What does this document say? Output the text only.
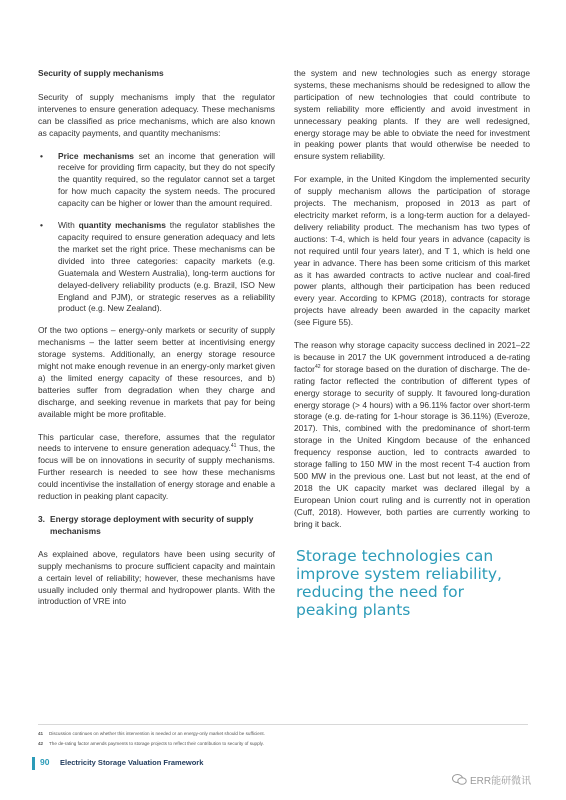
Security of supply mechanisms

Security of supply mechanisms imply that the regulator intervenes to ensure generation adequacy. These mechanisms can be classified as price mechanisms, which are also known as capacity payments, and quantity mechanisms:

• Price mechanisms set an income that generation will receive for providing firm capacity, but they do not specify the quantity required, so the regulator cannot set a target for how much capacity the system needs. The procured capacity can be higher or lower than the amount required.
• With quantity mechanisms the regulator stablishes the capacity required to ensure generation adequacy and lets the market set the right price. These mechanisms can be divided into three categories: capacity markets (e.g. Guatemala and Western Australia), long-term auctions for delayed-delivery reliability products (e.g. Brazil, ISO New England and PJM), or strategic reserves as a reliability product (e.g. New Zealand).

Of the two options – energy-only markets or security of supply mechanisms – the latter seem better at incentivising energy storage systems. Additionally, an energy storage resource might not make enough revenue in an energy-only market given a) the limited energy capacity of these resources, and b) batteries suffer from degradation when they charge and discharge, and seeking revenue in markets that pay for being available might be more profitable.

This particular case, therefore, assumes that the regulator needs to intervene to ensure generation adequacy.$^{41}$ Thus, the focus will be on innovations in security of supply mechanisms. Further research is needed to see how these mechanisms could incentivise the installation of energy storage and enable a reduction in peaking plant capacity.

3. Energy storage deployment with security of supply mechanisms

As explained above, regulators have been using security of supply mechanisms to procure sufficient capacity and maintain a certain level of reliability; however, these mechanisms have usually included only thermal and hydropower plants. With the introduction of VRE into

the system and new technologies such as energy storage systems, these mechanisms should be redesigned to allow the participation of new technologies that could contribute to system reliability more efficiently and avoid investment in unnecessary peaking plants. If they are well redesigned, energy storage may be able to obviate the need for investment in peaking power plants that would otherwise be needed to ensure system reliability.

For example, in the United Kingdom the implemented security of supply mechanism allows the participation of storage projects. The mechanism, proposed in 2013 as part of electricity market reform, is a long-term auction for a delayed-delivery reliability product. The mechanism has two types of auctions: T-4, which is held four years in advance (capacity is not required until four years later), and T 1, which is held one year in advance. There has been some criticism of this market as it has awarded contracts to active nuclear and coal-fired power plants, although their participation has been reduced every year. According to KPMG (2018), contracts for storage projects have already been awarded in the capacity market (see Figure 55).

The reason why storage capacity success declined in 2021–22 is because in 2017 the UK government introduced a de-rating factor$^{42}$ for storage based on the duration of discharge. The de-rating factor reflected the contribution of different types of energy storage to security of supply. It favoured long-duration energy storage (> 4 hours) with a 96.11% factor over short-term storage (e.g. de-rating for 1-hour storage is 36.11%) (Everoze, 2017). This, combined with the predominance of short-term storage in the United Kingdom because of the enhanced frequency response auction, led to contracts awarded to storage falling to 150 MW in the most recent T-4 auction from 500 MW in the previous one. Last but not least, at the end of 2018 the UK capacity market was declared illegal by a European Union court ruling and is currently not in operation (Cuff, 2018). However, both parties are currently working to bring it back.

Storage technologies can improve system reliability, reducing the need for peaking plants
41	Discussion continues on whether this intervention is needed or an energy-only market should be sufficient.
42	The de-rating factor amends payments to storage projects to reflect their contribution to security of supply.
90 Electricity Storage Valuation Framework
ERR能研微讯
